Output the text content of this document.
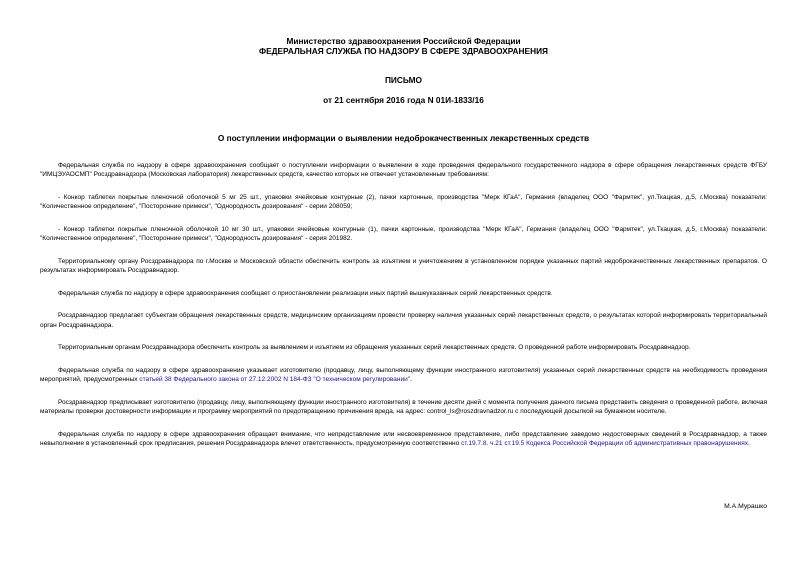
Министерство здравоохранения Российской Федерации
ФЕДЕРАЛЬНАЯ СЛУЖБА ПО НАДЗОРУ В СФЕРЕ ЗДРАВООХРАНЕНИЯ
ПИСЬМО
от 21 сентября 2016 года N 01И-1833/16
О поступлении информации о выявлении недоброкачественных лекарственных средств

Федеральная служба по надзору в сфере здравоохранения сообщает о поступлении информации о выявлении в ходе проведения федерального государственного надзора в сфере обращения лекарственных средств ФГБУ "ИМЦЭУАОСМП" Росздравнадзора (Московская лаборатория) лекарственных средств, качество которых не отвечает установленным требованиям:

- Конкор таблетки покрытые пленочной оболочкой 5 мг 25 шт., упаковки ячейковые контурные (2), пачки картонные, производства "Мерк КГаА", Германия (владелец ООО "Фармтек", ул.Ткацкая, д.5, г.Москва) показатели: "Количественное определение", "Посторонние примеси", "Однородность дозирования" - серии 208059;

- Конкор таблетки покрытые пленочной оболочкой 10 мг 30 шт., упаковки ячейковые контурные (1), пачки картонные, производства "Мерк КГаА", Германия (владелец ООО "Фармтек", ул.Ткацкая, д.5, г.Москва) показатели: "Количественное определение", "Посторонние примеси", "Однородность дозирования" - серия 201982.

Территориальному органу Росздравнадзора по г.Москве и Московской области обеспечить контроль за изъятием и уничтожением в установленном порядке указанных партий недоброкачественных лекарственных препаратов. О результатах информировать Росздравнадзор.

Федеральная служба по надзору в сфере здравоохранения сообщает о приостановлении реализации иных партий вышеуказанных серий лекарственных средств.

Росздравнадзор предлагает субъектам обращения лекарственных средств, медицинским организациям провести проверку наличия указанных серий лекарственных средств, о результатах которой информировать территориальный орган Росздравнадзора.

Территориальным органам Росздравнадзора обеспечить контроль за выявлением и изъятием из обращения указанных серий лекарственных средств. О проведенной работе информировать Росздравнадзор.

Федеральная служба по надзору в сфере здравоохранения указывает изготовителю (продавцу, лицу, выполняющему функции иностранного изготовителя) указанных серий лекарственных средств на необходимость проведения мероприятий, предусмотренных статьей 38 Федерального закона от 27.12.2002 N 184-ФЗ "О техническом регулировании".

Росздравнадзор предписывает изготовителю (продавцу, лицу, выполняющему функции иностранного изготовителя) в течение десяти дней с момента получения данного письма представить сведения о проведенной работе, включая материалы проверки достоверности информации и программу мероприятий по предотвращению причинения вреда, на адрес: control_ls@roszdravnadzor.ru с последующей досылкой на бумажном носителе.

Федеральная служба по надзору в сфере здравоохранения обращает внимание, что непредставление или несвоевременное представление, либо представление заведомо недостоверных сведений в Росздравнадзор, а также невыполнение в установленный срок предписания, решения Росздравнадзора влечет ответственность, предусмотренную соответственно ст.19.7.8. ч.21 ст.19.5 Кодекса Российской Федерации об административных правонарушениях.

М.А.Мурашко
